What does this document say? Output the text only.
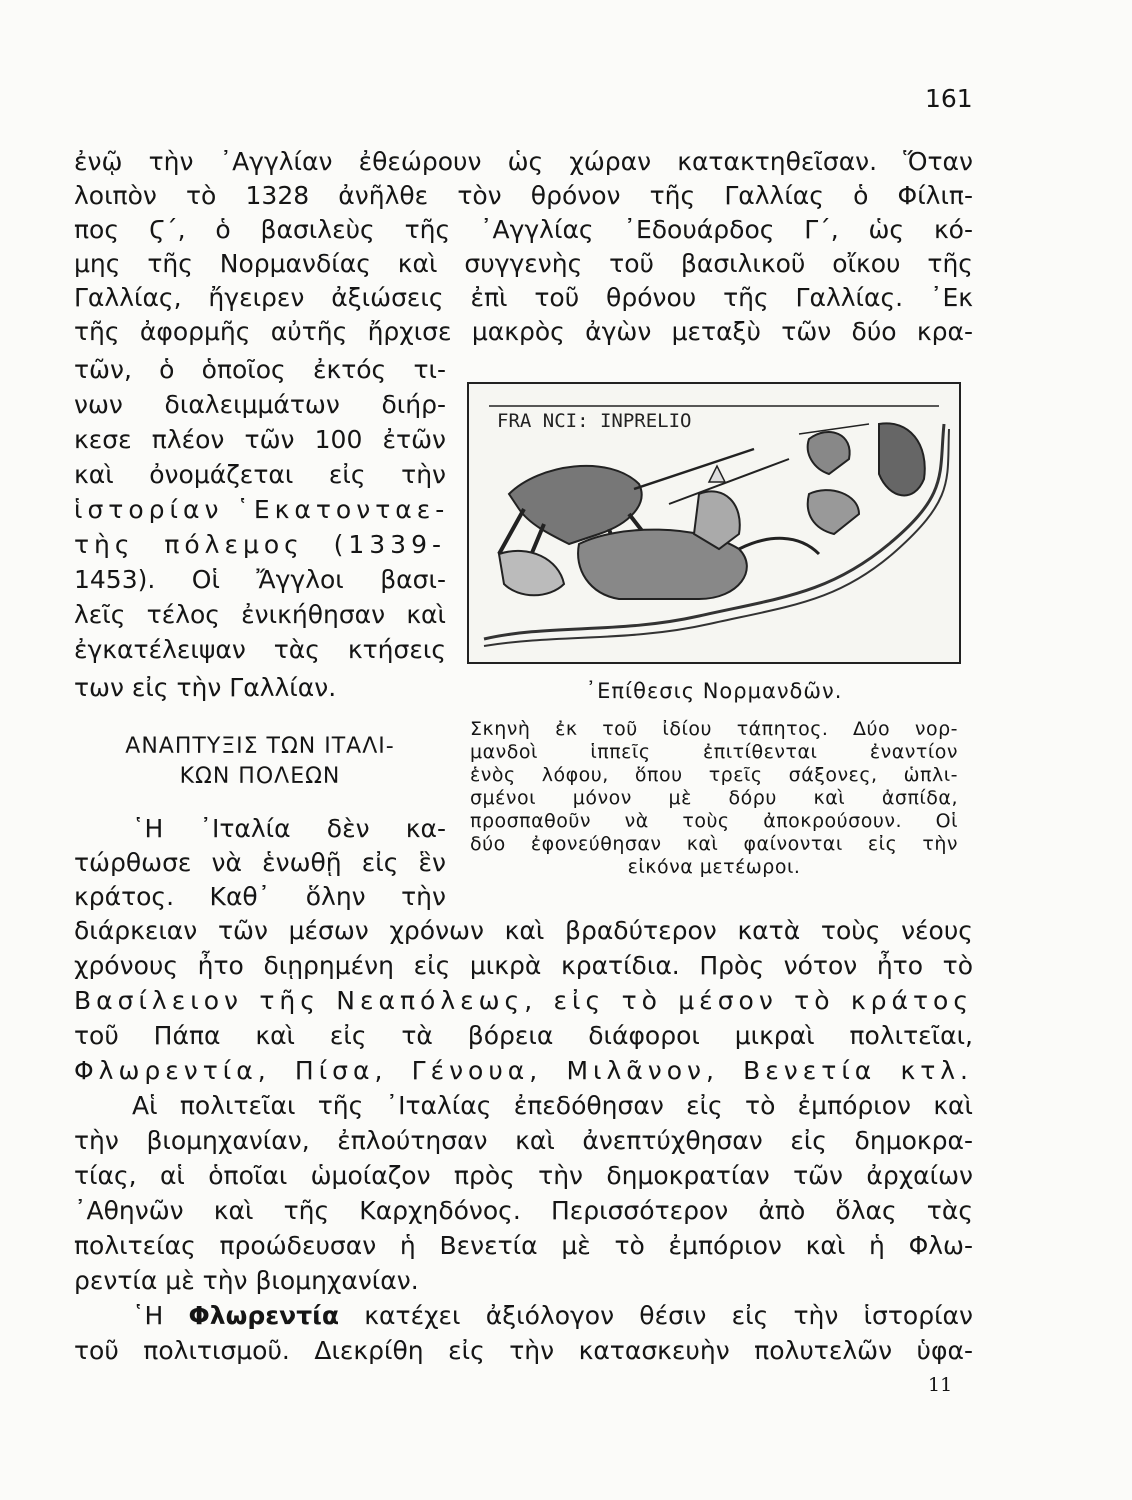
161
ἐνῷ τὴν ᾽Αγγλίαν ἐθεώρουν ὡς χώραν κατακτηθεῖσαν. Ὅταν
λοιπὸν τὸ 1328 ἀνῆλθε τὸν θρόνον τῆς Γαλλίας ὁ Φίλιπ-
πος Ϛ΄, ὁ βασιλεὺς τῆς ᾽Αγγλίας ᾽Εδουάρδος Γ΄, ὡς κό-
μης τῆς Νορμανδίας καὶ συγγενὴς τοῦ βασιλικοῦ οἴκου τῆς
Γαλλίας, ἤγειρεν ἀξιώσεις ἐπὶ τοῦ θρόνου τῆς Γαλλίας. ᾽Εκ
τῆς ἀφορμῆς αὐτῆς ἤρχισε μακρὸς ἀγὼν μεταξὺ τῶν δύο κρα-
τῶν, ὁ ὁποῖος ἐκτός τι-
νων διαλειμμάτων διήρ-
κεσε πλέον τῶν 100 ἐτῶν
καὶ ὀνομάζεται εἰς τὴν
ἱστορίαν ῾Εκατονταε-
τὴς πόλεμος (1339-
1453). Οἱ Ἄγγλοι βασι-
λεῖς τέλος ἐνικήθησαν καὶ
ἐγκατέλειψαν τὰς κτήσεις
των εἰς τὴν Γαλλίαν.
ΑΝΑΠΤΥΞΙΣ ΤΩΝ ΙΤΑΛΙ-
ΚΩΝ ΠΟΛΕΩΝ
῾Η ᾽Ιταλία δὲν κα-
τώρθωσε νὰ ἑνωθῇ εἰς ἓν
κράτος. Καθ᾽ ὅλην τὴν
FRA NCI: INPRELIO
᾽Επίθεσις Νορμανδῶν.
Σκηνὴ ἐκ τοῦ ἰδίου τάπητος. Δύο νορ-
μανδοὶ ἱππεῖς ἐπιτίθενται ἐναντίον
ἑνὸς λόφου, ὅπου τρεῖς σάξονες, ὡπλι-
σμένοι μόνον μὲ δόρυ καὶ ἀσπίδα,
προσπαθοῦν νὰ τοὺς ἀποκρούσουν. Οἱ
δύο ἐφονεύθησαν καὶ φαίνονται εἰς τὴν
εἰκόνα μετέωροι.
διάρκειαν τῶν μέσων χρόνων καὶ βραδύτερον κατὰ τοὺς νέους
χρόνους ἦτο διῃρημένη εἰς μικρὰ κρατίδια. Πρὸς νότον ἦτο τὸ
Βασίλειον τῆς Νεαπόλεως, εἰς τὸ μέσον τὸ κράτος
τοῦ Πάπα καὶ εἰς τὰ βόρεια διάφοροι μικραὶ πολιτεῖαι,
Φλωρεντία, Πίσα, Γένουα, Μιλᾶνον, Βενετία κτλ.
Αἱ πολιτεῖαι τῆς ᾽Ιταλίας ἐπεδόθησαν εἰς τὸ ἐμπόριον καὶ
τὴν βιομηχανίαν, ἐπλούτησαν καὶ ἀνεπτύχθησαν εἰς δημοκρα-
τίας, αἱ ὁποῖαι ὡμοίαζον πρὸς τὴν δημοκρατίαν τῶν ἀρχαίων
᾽Αθηνῶν καὶ τῆς Καρχηδόνος. Περισσότερον ἀπὸ ὅλας τὰς
πολιτείας προώδευσαν ἡ Βενετία μὲ τὸ ἐμπόριον καὶ ἡ Φλω-
ρεντία μὲ τὴν βιομηχανίαν.
῾Η Φλωρεντία κατέχει ἀξιόλογον θέσιν εἰς τὴν ἱστορίαν
τοῦ πολιτισμοῦ. Διεκρίθη εἰς τὴν κατασκευὴν πολυτελῶν ὑφα-
11
